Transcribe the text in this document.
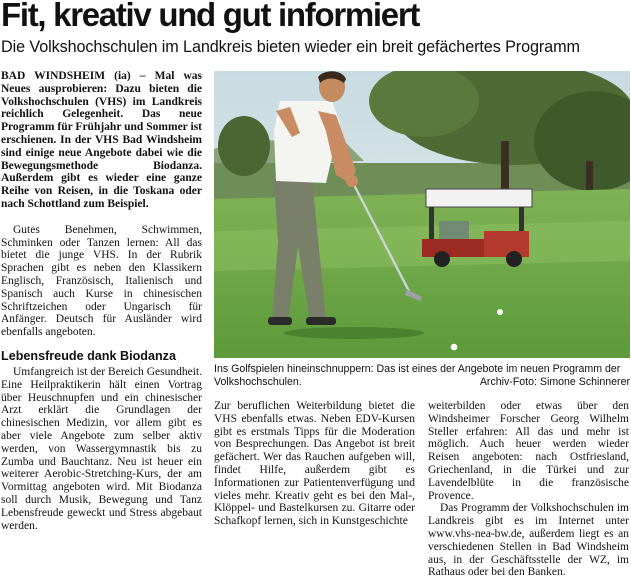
Fit, kreativ und gut informiert
Die Volkshochschulen im Landkreis bieten wieder ein breit gefächertes Programm

BAD WINDSHEIM (ia) – Mal was Neues ausprobieren: Dazu bieten die Volkshochschulen (VHS) im Landkreis reichlich Gelegenheit. Das neue Programm für Frühjahr und Sommer ist erschienen. In der VHS Bad Windsheim sind einige neue Angebote dabei wie die Bewegungsmethode Biodanza. Außerdem gibt es wieder eine ganze Reihe von Reisen, in die Toskana oder nach Schottland zum Beispiel.

Gutes Benehmen, Schwimmen, Schminken oder Tanzen lernen: All das bietet die junge VHS. In der Rubrik Sprachen gibt es neben den Klassikern Englisch, Französisch, Italienisch und Spanisch auch Kurse in chinesischen Schriftzeichen oder Ungarisch für Anfänger. Deutsch für Ausländer wird ebenfalls angeboten.

Lebensfreude dank Biodanza

Umfangreich ist der Bereich Gesundheit. Eine Heilpraktikerin hält einen Vortrag über Heuschnupfen und ein chinesischer Arzt erklärt die Grundlagen der chinesischen Medizin, vor allem gibt es aber viele Angebote zum selber aktiv werden, von Wassergymnastik bis zu Zumba und Bauchtanz. Neu ist heuer ein weiterer Aerobic-Stretching-Kurs, der am Vormittag angeboten wird. Mit Biodanza soll durch Musik, Bewegung und Tanz Lebensfreude geweckt und Stress abgebaut werden.

Ins Golfspielen hineinschnuppern: Das ist eines der Angebote im neuen Programm der
Volkshochschulen.	Archiv-Foto: Simone Schinnerer

Zur beruflichen Weiterbildung bietet die VHS ebenfalls etwas. Neben EDV-Kursen gibt es erstmals Tipps für die Moderation von Besprechungen. Das Angebot ist breit gefächert. Wer das Rauchen aufgeben will, findet Hilfe, außerdem gibt es Informationen zur Patientenverfügung und vieles mehr. Kreativ geht es bei den Mal-, Klöppel- und Bastelkursen zu. Gitarre oder Schafkopf lernen, sich in Kunstgeschichte

weiterbilden oder etwas über den Windsheimer Forscher Georg Wilhelm Steller erfahren: All das und mehr ist möglich. Auch heuer werden wieder Reisen angeboten: nach Ostfriesland, Griechenland, in die Türkei und zur Lavendelblüte in die französische Provence.

Das Programm der Volkshochschulen im Landkreis gibt es im Internet unter www.vhs-nea-bw.de, außerdem liegt es an verschiedenen Stellen in Bad Windsheim aus, in der Geschäftsstelle der WZ, im Rathaus oder bei den Banken.
